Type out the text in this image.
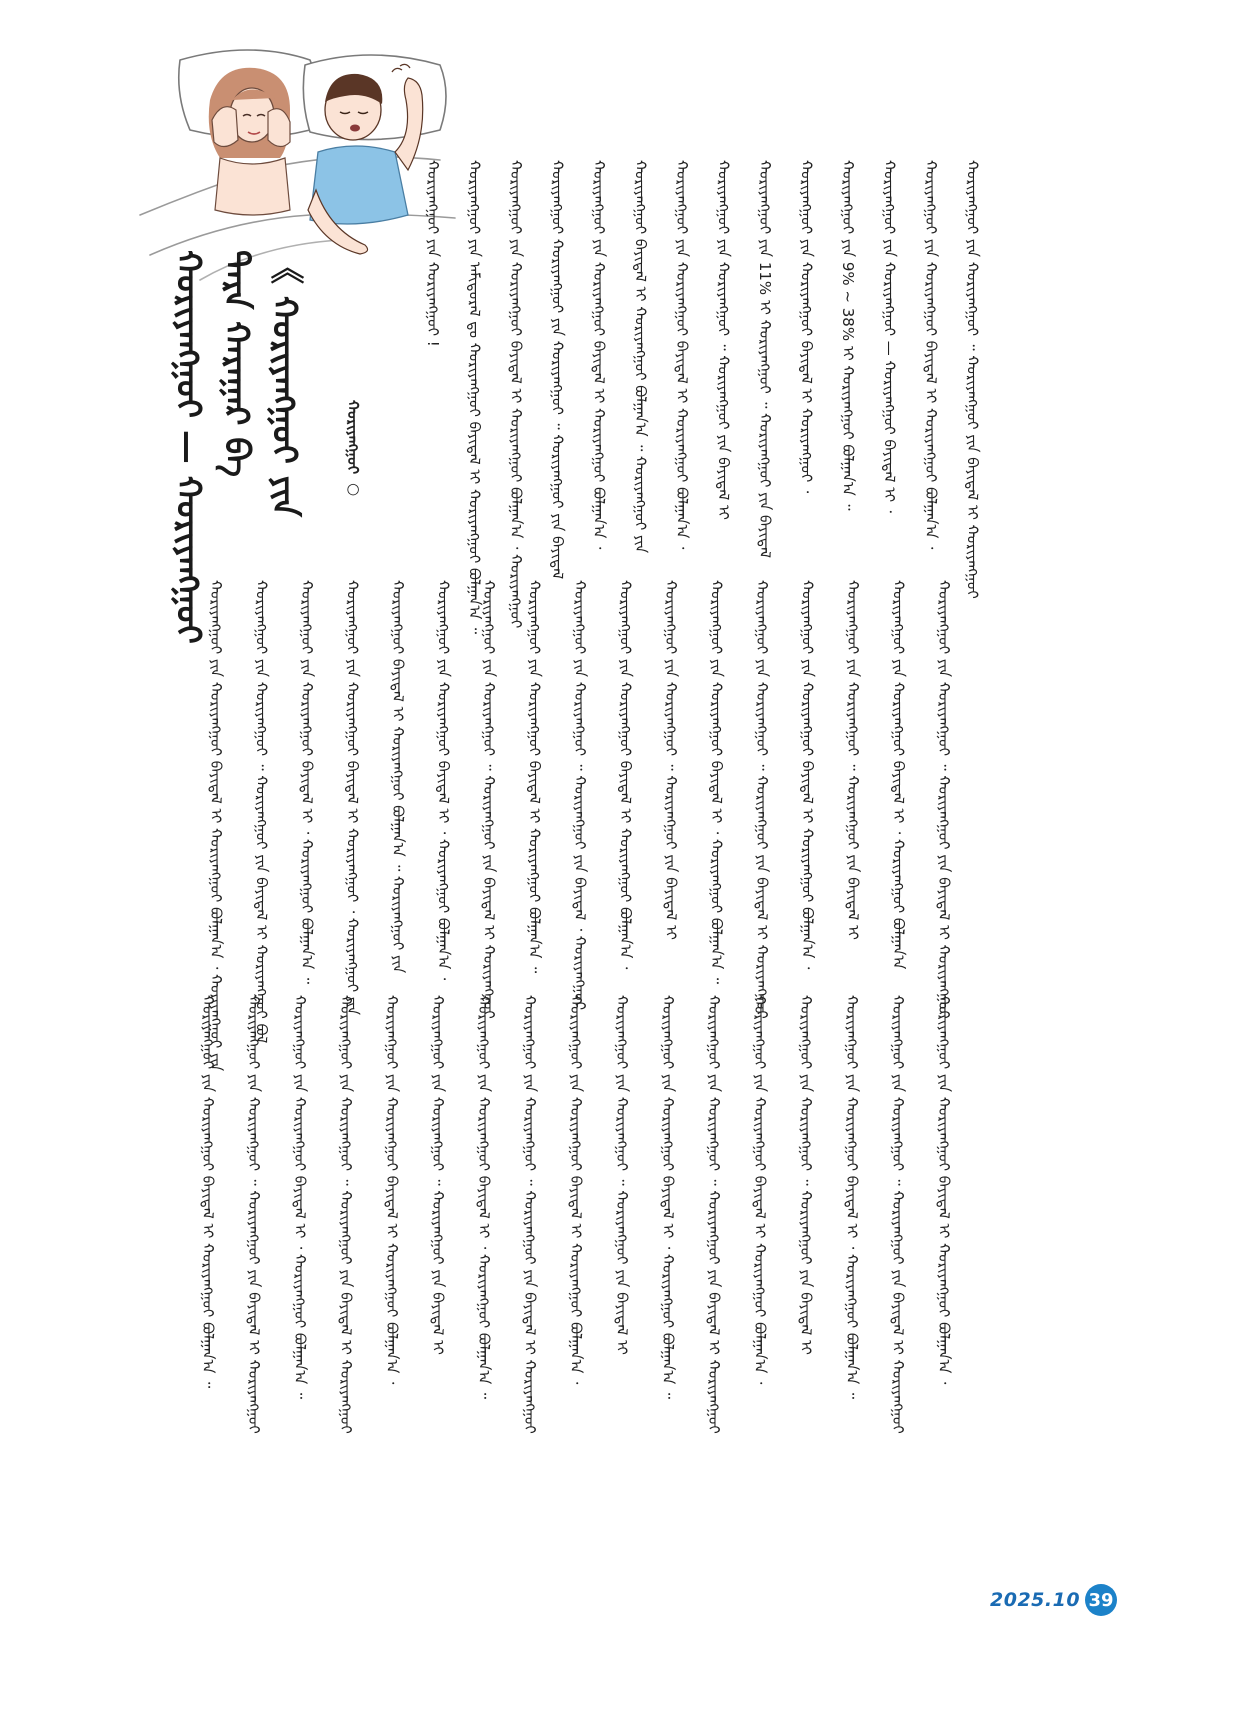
ᠬᠤᠷᠢᠶᠠᠩᠭᠤᠢ — ᠬᠤᠷᠢᠶᠠᠩᠭᠤᠢ ᠲᠡᠷᠡ ᠬᠠᠷᠠᠭᠠᠷ ᠪᠠ 《 ᠬᠤᠷᠢᠶᠠᠩᠭᠤᠢ ᠶᠢᠨ	ᠬᠤᠷᠢᠶᠠᠩᠭᠤᠢ ○
ᠬᠤᠷᠢᠶᠠᠩᠭᠤᠢ ᠶᠢᠨ ᠬᠤᠷᠢᠶᠠᠩᠭᠤᠢ ! ᠬᠤᠷᠢᠶᠠᠩᠭᠤᠢ ᠶᠢᠨ ᠠᠮᠢᠳᠤᠷᠠᠯ ᠳᠤ ᠬᠤᠷᠢᠶᠠᠩᠭᠤᠢ ᠪᠠᠶᠢᠳᠠᠯ ᠢ ᠬᠤᠷᠢᠶᠠᠩᠭᠤᠢ ᠪᠣᠯᠭᠠᠨ᠎ᠠ ᠃ ᠬᠤᠷᠢᠶᠠᠩᠭᠤᠢ ᠶᠢᠨ ᠬᠤᠷᠢᠶᠠᠩᠭᠤᠢ ᠪᠠᠶᠢᠳᠠᠯ ᠢ ᠬᠤᠷᠢᠶᠠᠩᠭᠤᠢ ᠪᠣᠯᠭᠠᠨ᠎ᠠ ᠂ ᠬᠤᠷᠢᠶᠠᠩᠭᠤᠢ ᠬᠤᠷᠢᠶᠠᠩᠭᠤᠢ ᠬᠤᠷᠢᠶᠠᠩᠭᠤᠢ ᠶᠢᠨ ᠬᠤᠷᠢᠶᠠᠩᠭᠤᠢ ᠃ ᠬᠤᠷᠢᠶᠠᠩᠭᠤᠢ ᠶᠢᠨ ᠪᠠᠶᠢᠳᠠᠯ ᠬᠤᠷᠢᠶᠠᠩᠭᠤᠢ ᠶᠢᠨ ᠬᠤᠷᠢᠶᠠᠩᠭᠤᠢ ᠪᠠᠶᠢᠳᠠᠯ ᠢ ᠬᠤᠷᠢᠶᠠᠩᠭᠤᠢ ᠪᠣᠯᠭᠠᠨ᠎ᠠ ᠂ ᠬᠤᠷᠢᠶᠠᠩᠭᠤᠢ ᠪᠠᠶᠢᠳᠠᠯ ᠢ ᠬᠤᠷᠢᠶᠠᠩᠭᠤᠢ ᠪᠣᠯᠭᠠᠨ᠎ᠠ ᠃ ᠬᠤᠷᠢᠶᠠᠩᠭᠤᠢ ᠶᠢᠨ ᠬᠤᠷᠢᠶᠠᠩᠭᠤᠢ ᠶᠢᠨ ᠬᠤᠷᠢᠶᠠᠩᠭᠤᠢ ᠪᠠᠶᠢᠳᠠᠯ ᠢ ᠬᠤᠷᠢᠶᠠᠩᠭᠤᠢ ᠪᠣᠯᠭᠠᠨ᠎ᠠ ᠂ ᠬᠤᠷᠢᠶᠠᠩᠭᠤᠢ ᠶᠢᠨ ᠬᠤᠷᠢᠶᠠᠩᠭᠤᠢ ᠃ ᠬᠤᠷᠢᠶᠠᠩᠭᠤᠢ ᠶᠢᠨ ᠪᠠᠶᠢᠳᠠᠯ ᠢ ᠬᠤᠷᠢᠶᠠᠩᠭᠤᠢ ᠶᠢᠨ 11% ᠢ ᠬᠤᠷᠢᠶᠠᠩᠭᠤᠢ ᠃ ᠬᠤᠷᠢᠶᠠᠩᠭᠤᠢ ᠶᠢᠨ ᠪᠠᠶᠢᠳᠠᠯ ᠬᠤᠷᠢᠶᠠᠩᠭᠤᠢ ᠶᠢᠨ ᠬᠤᠷᠢᠶᠠᠩᠭᠤᠢ ᠪᠠᠶᠢᠳᠠᠯ ᠢ ᠬᠤᠷᠢᠶᠠᠩᠭᠤᠢ ᠂ ᠬᠤᠷᠢᠶᠠᠩᠭᠤᠢ ᠶᠢᠨ 9% ~ 38% ᠢ ᠬᠤᠷᠢᠶᠠᠩᠭᠤᠢ ᠪᠣᠯᠭᠠᠨ᠎ᠠ ᠃ ᠬᠤᠷᠢᠶᠠᠩᠭᠤᠢ ᠶᠢᠨ ᠬᠤᠷᠢᠶᠠᠩᠭᠤᠢ — ᠬᠤᠷᠢᠶᠠᠩᠭᠤᠢ ᠪᠠᠶᠢᠳᠠᠯ ᠢ ᠂ ᠬᠤᠷᠢᠶᠠᠩᠭᠤᠢ ᠶᠢᠨ ᠬᠤᠷᠢᠶᠠᠩᠭᠤᠢ ᠪᠠᠶᠢᠳᠠᠯ ᠢ ᠬᠤᠷᠢᠶᠠᠩᠭᠤᠢ ᠪᠣᠯᠭᠠᠨ᠎ᠠ ᠂ ᠬᠤᠷᠢᠶᠠᠩᠭᠤᠢ ᠶᠢᠨ ᠬᠤᠷᠢᠶᠠᠩᠭᠤᠢ ᠃ ᠬᠤᠷᠢᠶᠠᠩᠭᠤᠢ ᠶᠢᠨ ᠪᠠᠶᠢᠳᠠᠯ ᠢ ᠬᠤᠷᠢᠶᠠᠩᠭᠤᠢ
ᠬᠤᠷᠢᠶᠠᠩᠭᠤᠢ ᠶᠢᠨ ᠬᠤᠷᠢᠶᠠᠩᠭᠤᠢ ᠪᠠᠶᠢᠳᠠᠯ ᠢ ᠬᠤᠷᠢᠶᠠᠩᠭᠤᠢ ᠪᠣᠯᠭᠠᠨ᠎ᠠ ᠂ ᠬᠤᠷᠢᠶᠠᠩᠭᠤᠢ ᠶᠢᠨ ᠬᠤᠷᠢᠶᠠᠩᠭᠤᠢ ᠶᠢᠨ ᠬᠤᠷᠢᠶᠠᠩᠭᠤᠢ ᠃ ᠬᠤᠷᠢᠶᠠᠩᠭᠤᠢ ᠶᠢᠨ ᠪᠠᠶᠢᠳᠠᠯ ᠢ ᠬᠤᠷᠢᠶᠠᠩᠭᠤᠢ ᠪᠣᠯ ᠬᠤᠷᠢᠶᠠᠩᠭᠤᠢ ᠶᠢᠨ ᠬᠤᠷᠢᠶᠠᠩᠭᠤᠢ ᠪᠠᠶᠢᠳᠠᠯ ᠢ ᠂ ᠬᠤᠷᠢᠶᠠᠩᠭᠤᠢ ᠪᠣᠯᠭᠠᠨ᠎ᠠ ᠃ ᠬᠤᠷᠢᠶᠠᠩᠭᠤᠢ ᠶᠢᠨ ᠬᠤᠷᠢᠶᠠᠩᠭᠤᠢ ᠪᠠᠶᠢᠳᠠᠯ ᠢ ᠬᠤᠷᠢᠶᠠᠩᠭᠤᠢ ᠂ ᠬᠤᠷᠢᠶᠠᠩᠭᠤᠢ ᠶᠢᠨ ᠬᠤᠷᠢᠶᠠᠩᠭᠤᠢ ᠪᠠᠶᠢᠳᠠᠯ ᠢ ᠬᠤᠷᠢᠶᠠᠩᠭᠤᠢ ᠪᠣᠯᠭᠠᠨ᠎ᠠ ᠃ ᠬᠤᠷᠢᠶᠠᠩᠭᠤᠢ ᠶᠢᠨ ᠬᠤᠷᠢᠶᠠᠩᠭᠤᠢ ᠶᠢᠨ ᠬᠤᠷᠢᠶᠠᠩᠭᠤᠢ ᠪᠠᠶᠢᠳᠠᠯ ᠢ ᠂ ᠬᠤᠷᠢᠶᠠᠩᠭᠤᠢ ᠪᠣᠯᠭᠠᠨ᠎ᠠ ᠂ ᠬᠤᠷᠢᠶᠠᠩᠭᠤᠢ ᠶᠢᠨ ᠬᠤᠷᠢᠶᠠᠩᠭᠤᠢ ᠃ ᠬᠤᠷᠢᠶᠠᠩᠭᠤᠢ ᠶᠢᠨ ᠪᠠᠶᠢᠳᠠᠯ ᠢ ᠬᠤᠷᠢᠶᠠᠩᠭᠤᠢ ᠬᠤᠷᠢᠶᠠᠩᠭᠤᠢ ᠶᠢᠨ ᠬᠤᠷᠢᠶᠠᠩᠭᠤᠢ ᠪᠠᠶᠢᠳᠠᠯ ᠢ ᠬᠤᠷᠢᠶᠠᠩᠭᠤᠢ ᠪᠣᠯᠭᠠᠨ᠎ᠠ ᠃ ᠬᠤᠷᠢᠶᠠᠩᠭᠤᠢ ᠶᠢᠨ ᠬᠤᠷᠢᠶᠠᠩᠭᠤᠢ ᠃ ᠬᠤᠷᠢᠶᠠᠩᠭᠤᠢ ᠶᠢᠨ ᠪᠠᠶᠢᠳᠠᠯ ᠂ ᠬᠤᠷᠢᠶᠠᠩᠭᠤᠢ ᠬᠤᠷᠢᠶᠠᠩᠭᠤᠢ ᠶᠢᠨ ᠬᠤᠷᠢᠶᠠᠩᠭᠤᠢ ᠪᠠᠶᠢᠳᠠᠯ ᠢ ᠬᠤᠷᠢᠶᠠᠩᠭᠤᠢ ᠪᠣᠯᠭᠠᠨ᠎ᠠ ᠂ ᠬᠤᠷᠢᠶᠠᠩᠭᠤᠢ ᠶᠢᠨ ᠬᠤᠷᠢᠶᠠᠩᠭᠤᠢ ᠃ ᠬᠤᠷᠢᠶᠠᠩᠭᠤᠢ ᠶᠢᠨ ᠪᠠᠶᠢᠳᠠᠯ ᠢ ᠬᠤᠷᠢᠶᠠᠩᠭᠤᠢ ᠶᠢᠨ ᠬᠤᠷᠢᠶᠠᠩᠭᠤᠢ ᠪᠠᠶᠢᠳᠠᠯ ᠢ ᠂ ᠬᠤᠷᠢᠶᠠᠩᠭᠤᠢ ᠪᠣᠯᠭᠠᠨ᠎ᠠ ᠃ ᠬᠤᠷᠢᠶᠠᠩᠭᠤᠢ ᠶᠢᠨ ᠬᠤᠷᠢᠶᠠᠩᠭᠤᠢ ᠃ ᠬᠤᠷᠢᠶᠠᠩᠭᠤᠢ ᠶᠢᠨ ᠪᠠᠶᠢᠳᠠᠯ ᠢ ᠬᠤᠷᠢᠶᠠᠩᠭᠤᠢ ᠬᠤᠷᠢᠶᠠᠩᠭᠤᠢ ᠶᠢᠨ ᠬᠤᠷᠢᠶᠠᠩᠭᠤᠢ ᠪᠠᠶᠢᠳᠠᠯ ᠢ ᠬᠤᠷᠢᠶᠠᠩᠭᠤᠢ ᠪᠣᠯᠭᠠᠨ᠎ᠠ ᠂ ᠬᠤᠷᠢᠶᠠᠩᠭᠤᠢ ᠶᠢᠨ ᠬᠤᠷᠢᠶᠠᠩᠭᠤᠢ ᠃ ᠬᠤᠷᠢᠶᠠᠩᠭᠤᠢ ᠶᠢᠨ ᠪᠠᠶᠢᠳᠠᠯ ᠢ ᠬᠤᠷᠢᠶᠠᠩᠭᠤᠢ ᠶᠢᠨ ᠬᠤᠷᠢᠶᠠᠩᠭᠤᠢ ᠪᠠᠶᠢᠳᠠᠯ ᠢ ᠂ ᠬᠤᠷᠢᠶᠠᠩᠭᠤᠢ ᠪᠣᠯᠭᠠᠨ᠎ᠠ ᠬᠤᠷᠢᠶᠠᠩᠭᠤᠢ ᠶᠢᠨ ᠬᠤᠷᠢᠶᠠᠩᠭᠤᠢ ᠃ ᠬᠤᠷᠢᠶᠠᠩᠭᠤᠢ ᠶᠢᠨ ᠪᠠᠶᠢᠳᠠᠯ ᠢ ᠬᠤᠷᠢᠶᠠᠩᠭᠤᠢ
ᠬᠤᠷᠢᠶᠠᠩᠭᠤᠢ ᠶᠢᠨ ᠬᠤᠷᠢᠶᠠᠩᠭᠤᠢ ᠪᠠᠶᠢᠳᠠᠯ ᠢ ᠬᠤᠷᠢᠶᠠᠩᠭᠤᠢ ᠪᠣᠯᠭᠠᠨ᠎ᠠ ᠃ ᠬᠤᠷᠢᠶᠠᠩᠭᠤᠢ ᠶᠢᠨ ᠬᠤᠷᠢᠶᠠᠩᠭᠤᠢ ᠃ ᠬᠤᠷᠢᠶᠠᠩᠭᠤᠢ ᠶᠢᠨ ᠪᠠᠶᠢᠳᠠᠯ ᠢ ᠬᠤᠷᠢᠶᠠᠩᠭᠤᠢ ᠬᠤᠷᠢᠶᠠᠩᠭᠤᠢ ᠶᠢᠨ ᠬᠤᠷᠢᠶᠠᠩᠭᠤᠢ ᠪᠠᠶᠢᠳᠠᠯ ᠢ ᠂ ᠬᠤᠷᠢᠶᠠᠩᠭᠤᠢ ᠪᠣᠯᠭᠠᠨ᠎ᠠ ᠃ ᠬᠤᠷᠢᠶᠠᠩᠭᠤᠢ ᠶᠢᠨ ᠬᠤᠷᠢᠶᠠᠩᠭᠤᠢ ᠃ ᠬᠤᠷᠢᠶᠠᠩᠭᠤᠢ ᠶᠢᠨ ᠪᠠᠶᠢᠳᠠᠯ ᠢ ᠬᠤᠷᠢᠶᠠᠩᠭᠤᠢ ᠬᠤᠷᠢᠶᠠᠩᠭᠤᠢ ᠶᠢᠨ ᠬᠤᠷᠢᠶᠠᠩᠭᠤᠢ ᠪᠠᠶᠢᠳᠠᠯ ᠢ ᠬᠤᠷᠢᠶᠠᠩᠭᠤᠢ ᠪᠣᠯᠭᠠᠨ᠎ᠠ ᠂ ᠬᠤᠷᠢᠶᠠᠩᠭᠤᠢ ᠶᠢᠨ ᠬᠤᠷᠢᠶᠠᠩᠭᠤᠢ ᠃ ᠬᠤᠷᠢᠶᠠᠩᠭᠤᠢ ᠶᠢᠨ ᠪᠠᠶᠢᠳᠠᠯ ᠢ ᠬᠤᠷᠢᠶᠠᠩᠭᠤᠢ ᠶᠢᠨ ᠬᠤᠷᠢᠶᠠᠩᠭᠤᠢ ᠪᠠᠶᠢᠳᠠᠯ ᠢ ᠂ ᠬᠤᠷᠢᠶᠠᠩᠭᠤᠢ ᠪᠣᠯᠭᠠᠨ᠎ᠠ ᠃ ᠬᠤᠷᠢᠶᠠᠩᠭᠤᠢ ᠶᠢᠨ ᠬᠤᠷᠢᠶᠠᠩᠭᠤᠢ ᠃ ᠬᠤᠷᠢᠶᠠᠩᠭᠤᠢ ᠶᠢᠨ ᠪᠠᠶᠢᠳᠠᠯ ᠢ ᠬᠤᠷᠢᠶᠠᠩᠭᠤᠢ ᠬᠤᠷᠢᠶᠠᠩᠭᠤᠢ ᠶᠢᠨ ᠬᠤᠷᠢᠶᠠᠩᠭᠤᠢ ᠪᠠᠶᠢᠳᠠᠯ ᠢ ᠬᠤᠷᠢᠶᠠᠩᠭᠤᠢ ᠪᠣᠯᠭᠠᠨ᠎ᠠ ᠂ ᠬᠤᠷᠢᠶᠠᠩᠭᠤᠢ ᠶᠢᠨ ᠬᠤᠷᠢᠶᠠᠩᠭᠤᠢ ᠃ ᠬᠤᠷᠢᠶᠠᠩᠭᠤᠢ ᠶᠢᠨ ᠪᠠᠶᠢᠳᠠᠯ ᠢ ᠬᠤᠷᠢᠶᠠᠩᠭᠤᠢ ᠶᠢᠨ ᠬᠤᠷᠢᠶᠠᠩᠭᠤᠢ ᠪᠠᠶᠢᠳᠠᠯ ᠢ ᠂ ᠬᠤᠷᠢᠶᠠᠩᠭᠤᠢ ᠪᠣᠯᠭᠠᠨ᠎ᠠ ᠃ ᠬᠤᠷᠢᠶᠠᠩᠭᠤᠢ ᠶᠢᠨ ᠬᠤᠷᠢᠶᠠᠩᠭᠤᠢ ᠃ ᠬᠤᠷᠢᠶᠠᠩᠭᠤᠢ ᠶᠢᠨ ᠪᠠᠶᠢᠳᠠᠯ ᠢ ᠬᠤᠷᠢᠶᠠᠩᠭᠤᠢ ᠬᠤᠷᠢᠶᠠᠩᠭᠤᠢ ᠶᠢᠨ ᠬᠤᠷᠢᠶᠠᠩᠭᠤᠢ ᠪᠠᠶᠢᠳᠠᠯ ᠢ ᠬᠤᠷᠢᠶᠠᠩᠭᠤᠢ ᠪᠣᠯᠭᠠᠨ᠎ᠠ ᠂ ᠬᠤᠷᠢᠶᠠᠩᠭᠤᠢ ᠶᠢᠨ ᠬᠤᠷᠢᠶᠠᠩᠭᠤᠢ ᠃ ᠬᠤᠷᠢᠶᠠᠩᠭᠤᠢ ᠶᠢᠨ ᠪᠠᠶᠢᠳᠠᠯ ᠢ ᠬᠤᠷᠢᠶᠠᠩᠭᠤᠢ ᠶᠢᠨ ᠬᠤᠷᠢᠶᠠᠩᠭᠤᠢ ᠪᠠᠶᠢᠳᠠᠯ ᠢ ᠂ ᠬᠤᠷᠢᠶᠠᠩᠭᠤᠢ ᠪᠣᠯᠭᠠᠨ᠎ᠠ ᠃ ᠬᠤᠷᠢᠶᠠᠩᠭᠤᠢ ᠶᠢᠨ ᠬᠤᠷᠢᠶᠠᠩᠭᠤᠢ ᠃ ᠬᠤᠷᠢᠶᠠᠩᠭᠤᠢ ᠶᠢᠨ ᠪᠠᠶᠢᠳᠠᠯ ᠢ ᠬᠤᠷᠢᠶᠠᠩᠭᠤᠢ ᠬᠤᠷᠢᠶᠠᠩᠭᠤᠢ ᠶᠢᠨ ᠬᠤᠷᠢᠶᠠᠩᠭᠤᠢ ᠪᠠᠶᠢᠳᠠᠯ ᠢ ᠬᠤᠷᠢᠶᠠᠩᠭᠤᠢ ᠪᠣᠯᠭᠠᠨ᠎ᠠ ᠂
2025.10 39
